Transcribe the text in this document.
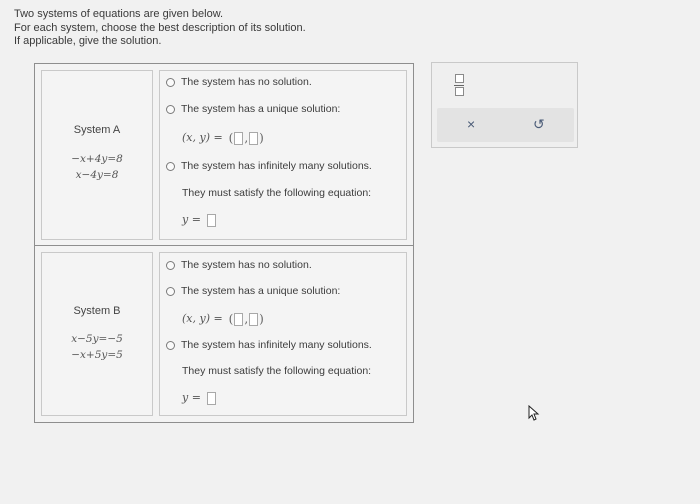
Two systems of equations are given below.
For each system, choose the best description of its solution.
If applicable, give the solution.
System A
−x+4y=8
x−4y=8
The system has no solution.
The system has a unique solution:
(x, y) = ( , )
The system has infinitely many solutions.
They must satisfy the following equation:
y =
System B
x−5y=−5
−x+5y=5
The system has no solution.
The system has a unique solution:
(x, y) = ( , )
The system has infinitely many solutions.
They must satisfy the following equation:
y =
×	↺
